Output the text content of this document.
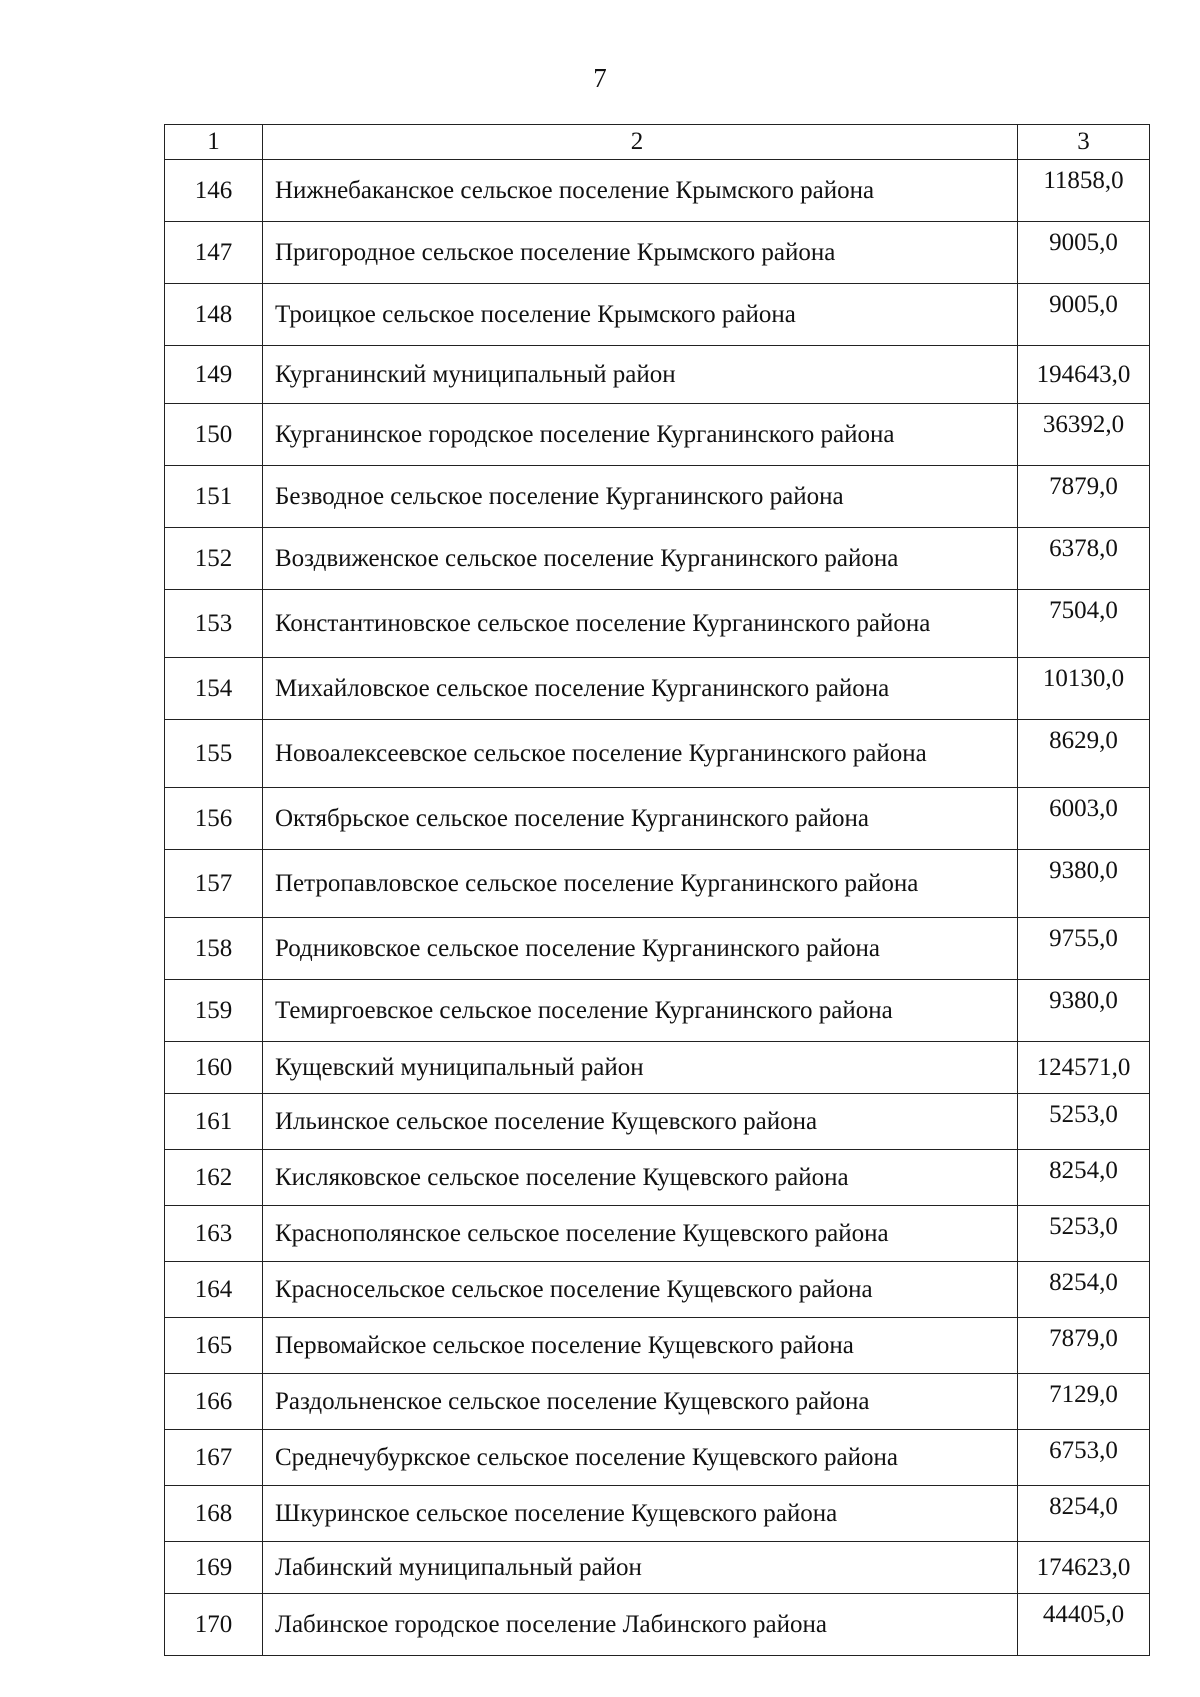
7
1	2	3
146	Нижнебаканское сельское поселение Крымского района	11858,0
147	Пригородное сельское поселение Крымского района	9005,0
148	Троицкое сельское поселение Крымского района	9005,0
149	Курганинский муниципальный район	194643,0
150	Курганинское городское поселение Курганинского района	36392,0
151	Безводное сельское поселение Курганинского района	7879,0
152	Воздвиженское сельское поселение Курганинского района	6378,0
153	Константиновское сельское поселение Курганинского района	7504,0
154	Михайловское сельское поселение Курганинского района	10130,0
155	Новоалексеевское сельское поселение Курганинского района	8629,0
156	Октябрьское сельское поселение Курганинского района	6003,0
157	Петропавловское сельское поселение Курганинского района	9380,0
158	Родниковское сельское поселение Курганинского района	9755,0
159	Темиргоевское сельское поселение Курганинского района	9380,0
160	Кущевский муниципальный район	124571,0
161	Ильинское сельское поселение Кущевского района	5253,0
162	Кисляковское сельское поселение Кущевского района	8254,0
163	Краснополянское сельское поселение Кущевского района	5253,0
164	Красносельское сельское поселение Кущевского района	8254,0
165	Первомайское сельское поселение Кущевского района	7879,0
166	Раздольненское сельское поселение Кущевского района	7129,0
167	Среднечубуркское сельское поселение Кущевского района	6753,0
168	Шкуринское сельское поселение Кущевского района	8254,0
169	Лабинский муниципальный район	174623,0
170	Лабинское городское поселение Лабинского района	44405,0
